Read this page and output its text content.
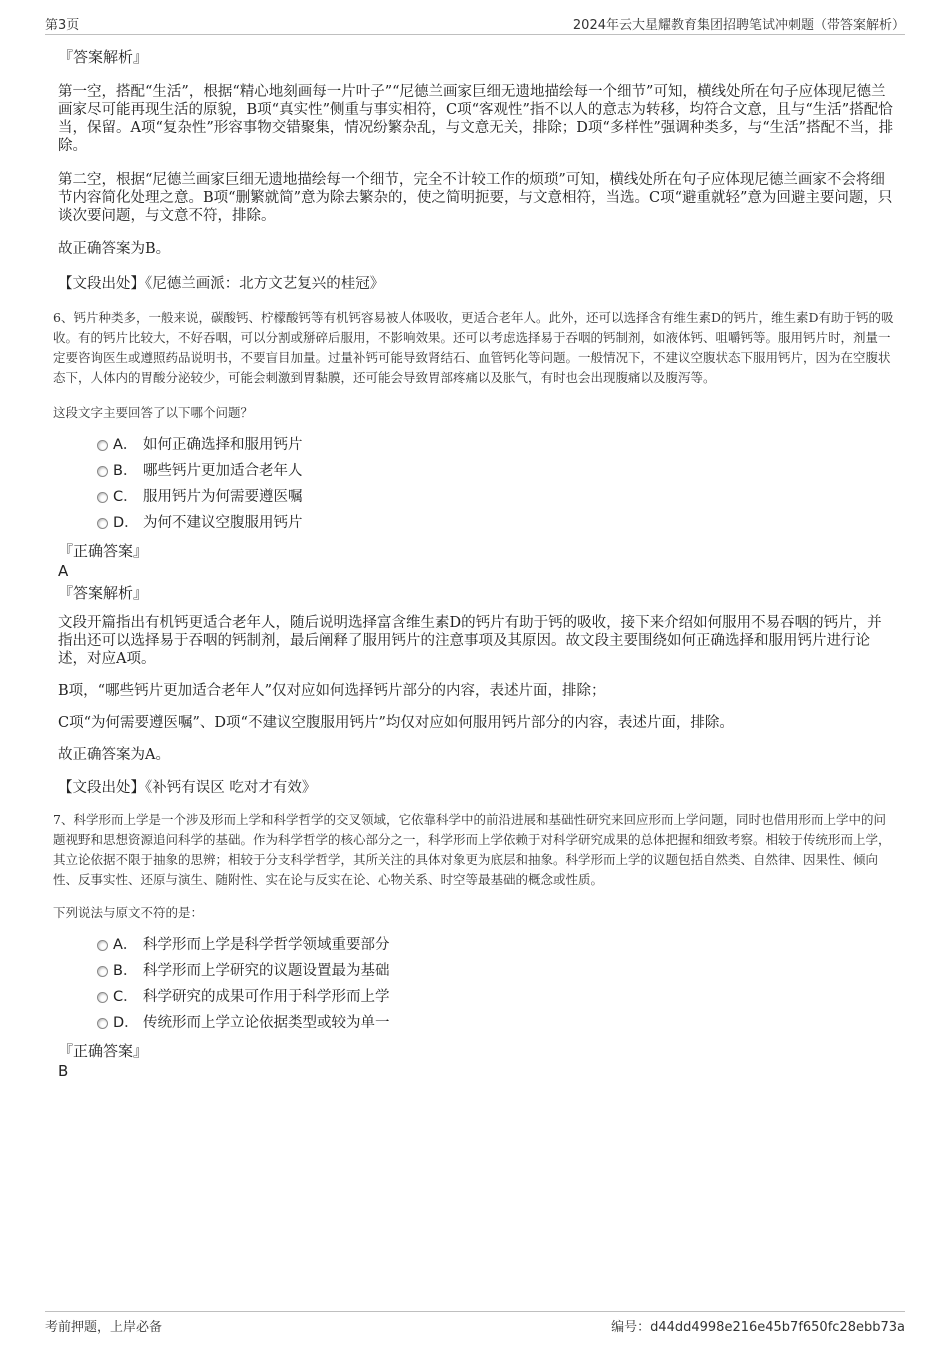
第3页	2024年云大星耀教育集团招聘笔试冲刺题（带答案解析）
『答案解析』

第一空，搭配“生活”，根据“精心地刻画每一片叶子”“尼德兰画家巨细无遗地描绘每一个细节”可知，横线处所在句子应体现尼德兰画家尽可能再现生活的原貌，B项“真实性”侧重与事实相符，C项“客观性”指不以人的意志为转移，均符合文意，且与“生活”搭配恰当，保留。A项“复杂性”形容事物交错聚集，情况纷繁杂乱，与文意无关，排除；D项“多样性”强调种类多，与“生活”搭配不当，排除。

第二空，根据“尼德兰画家巨细无遗地描绘每一个细节，完全不计较工作的烦琐”可知，横线处所在句子应体现尼德兰画家不会将细节内容简化处理之意。B项“删繁就简”意为除去繁杂的，使之简明扼要，与文意相符，当选。C项“避重就轻”意为回避主要问题，只谈次要问题，与文意不符，排除。

故正确答案为B。

【文段出处】《尼德兰画派：北方文艺复兴的桂冠》
6、钙片种类多，一般来说，碳酸钙、柠檬酸钙等有机钙容易被人体吸收，更适合老年人。此外，还可以选择含有维生素D的钙片，维生素D有助于钙的吸收。有的钙片比较大，不好吞咽，可以分割或掰碎后服用，不影响效果。还可以考虑选择易于吞咽的钙制剂，如液体钙、咀嚼钙等。服用钙片时，剂量一定要咨询医生或遵照药品说明书，不要盲目加量。过量补钙可能导致肾结石、血管钙化等问题。一般情况下，不建议空腹状态下服用钙片，因为在空腹状态下，人体内的胃酸分泌较少，可能会刺激到胃黏膜，还可能会导致胃部疼痛以及胀气，有时也会出现腹痛以及腹泻等。
这段文字主要回答了以下哪个问题？
A． 如何正确选择和服用钙片
B． 哪些钙片更加适合老年人
C． 服用钙片为何需要遵医嘱
D． 为何不建议空腹服用钙片
『正确答案』
A
『答案解析』

文段开篇指出有机钙更适合老年人，随后说明选择富含维生素D的钙片有助于钙的吸收，接下来介绍如何服用不易吞咽的钙片，并指出还可以选择易于吞咽的钙制剂，最后阐释了服用钙片的注意事项及其原因。故文段主要围绕如何正确选择和服用钙片进行论述，对应A项。

B项，“哪些钙片更加适合老年人”仅对应如何选择钙片部分的内容，表述片面，排除；

C项“为何需要遵医嘱”、D项“不建议空腹服用钙片”均仅对应如何服用钙片部分的内容，表述片面，排除。

故正确答案为A。

【文段出处】《补钙有误区 吃对才有效》
7、科学形而上学是一个涉及形而上学和科学哲学的交叉领域，它依靠科学中的前沿进展和基础性研究来回应形而上学问题，同时也借用形而上学中的问题视野和思想资源追问科学的基础。作为科学哲学的核心部分之一，科学形而上学依赖于对科学研究成果的总体把握和细致考察。相较于传统形而上学，其立论依据不限于抽象的思辨；相较于分支科学哲学，其所关注的具体对象更为底层和抽象。科学形而上学的议题包括自然类、自然律、因果性、倾向性、反事实性、还原与演生、随附性、实在论与反实在论、心物关系、时空等最基础的概念或性质。
下列说法与原文不符的是：
A． 科学形而上学是科学哲学领域重要部分
B． 科学形而上学研究的议题设置最为基础
C． 科学研究的成果可作用于科学形而上学
D． 传统形而上学立论依据类型或较为单一
『正确答案』
B
考前押题，上岸必备	编号：d44dd4998e216e45b7f650fc28ebb73a
